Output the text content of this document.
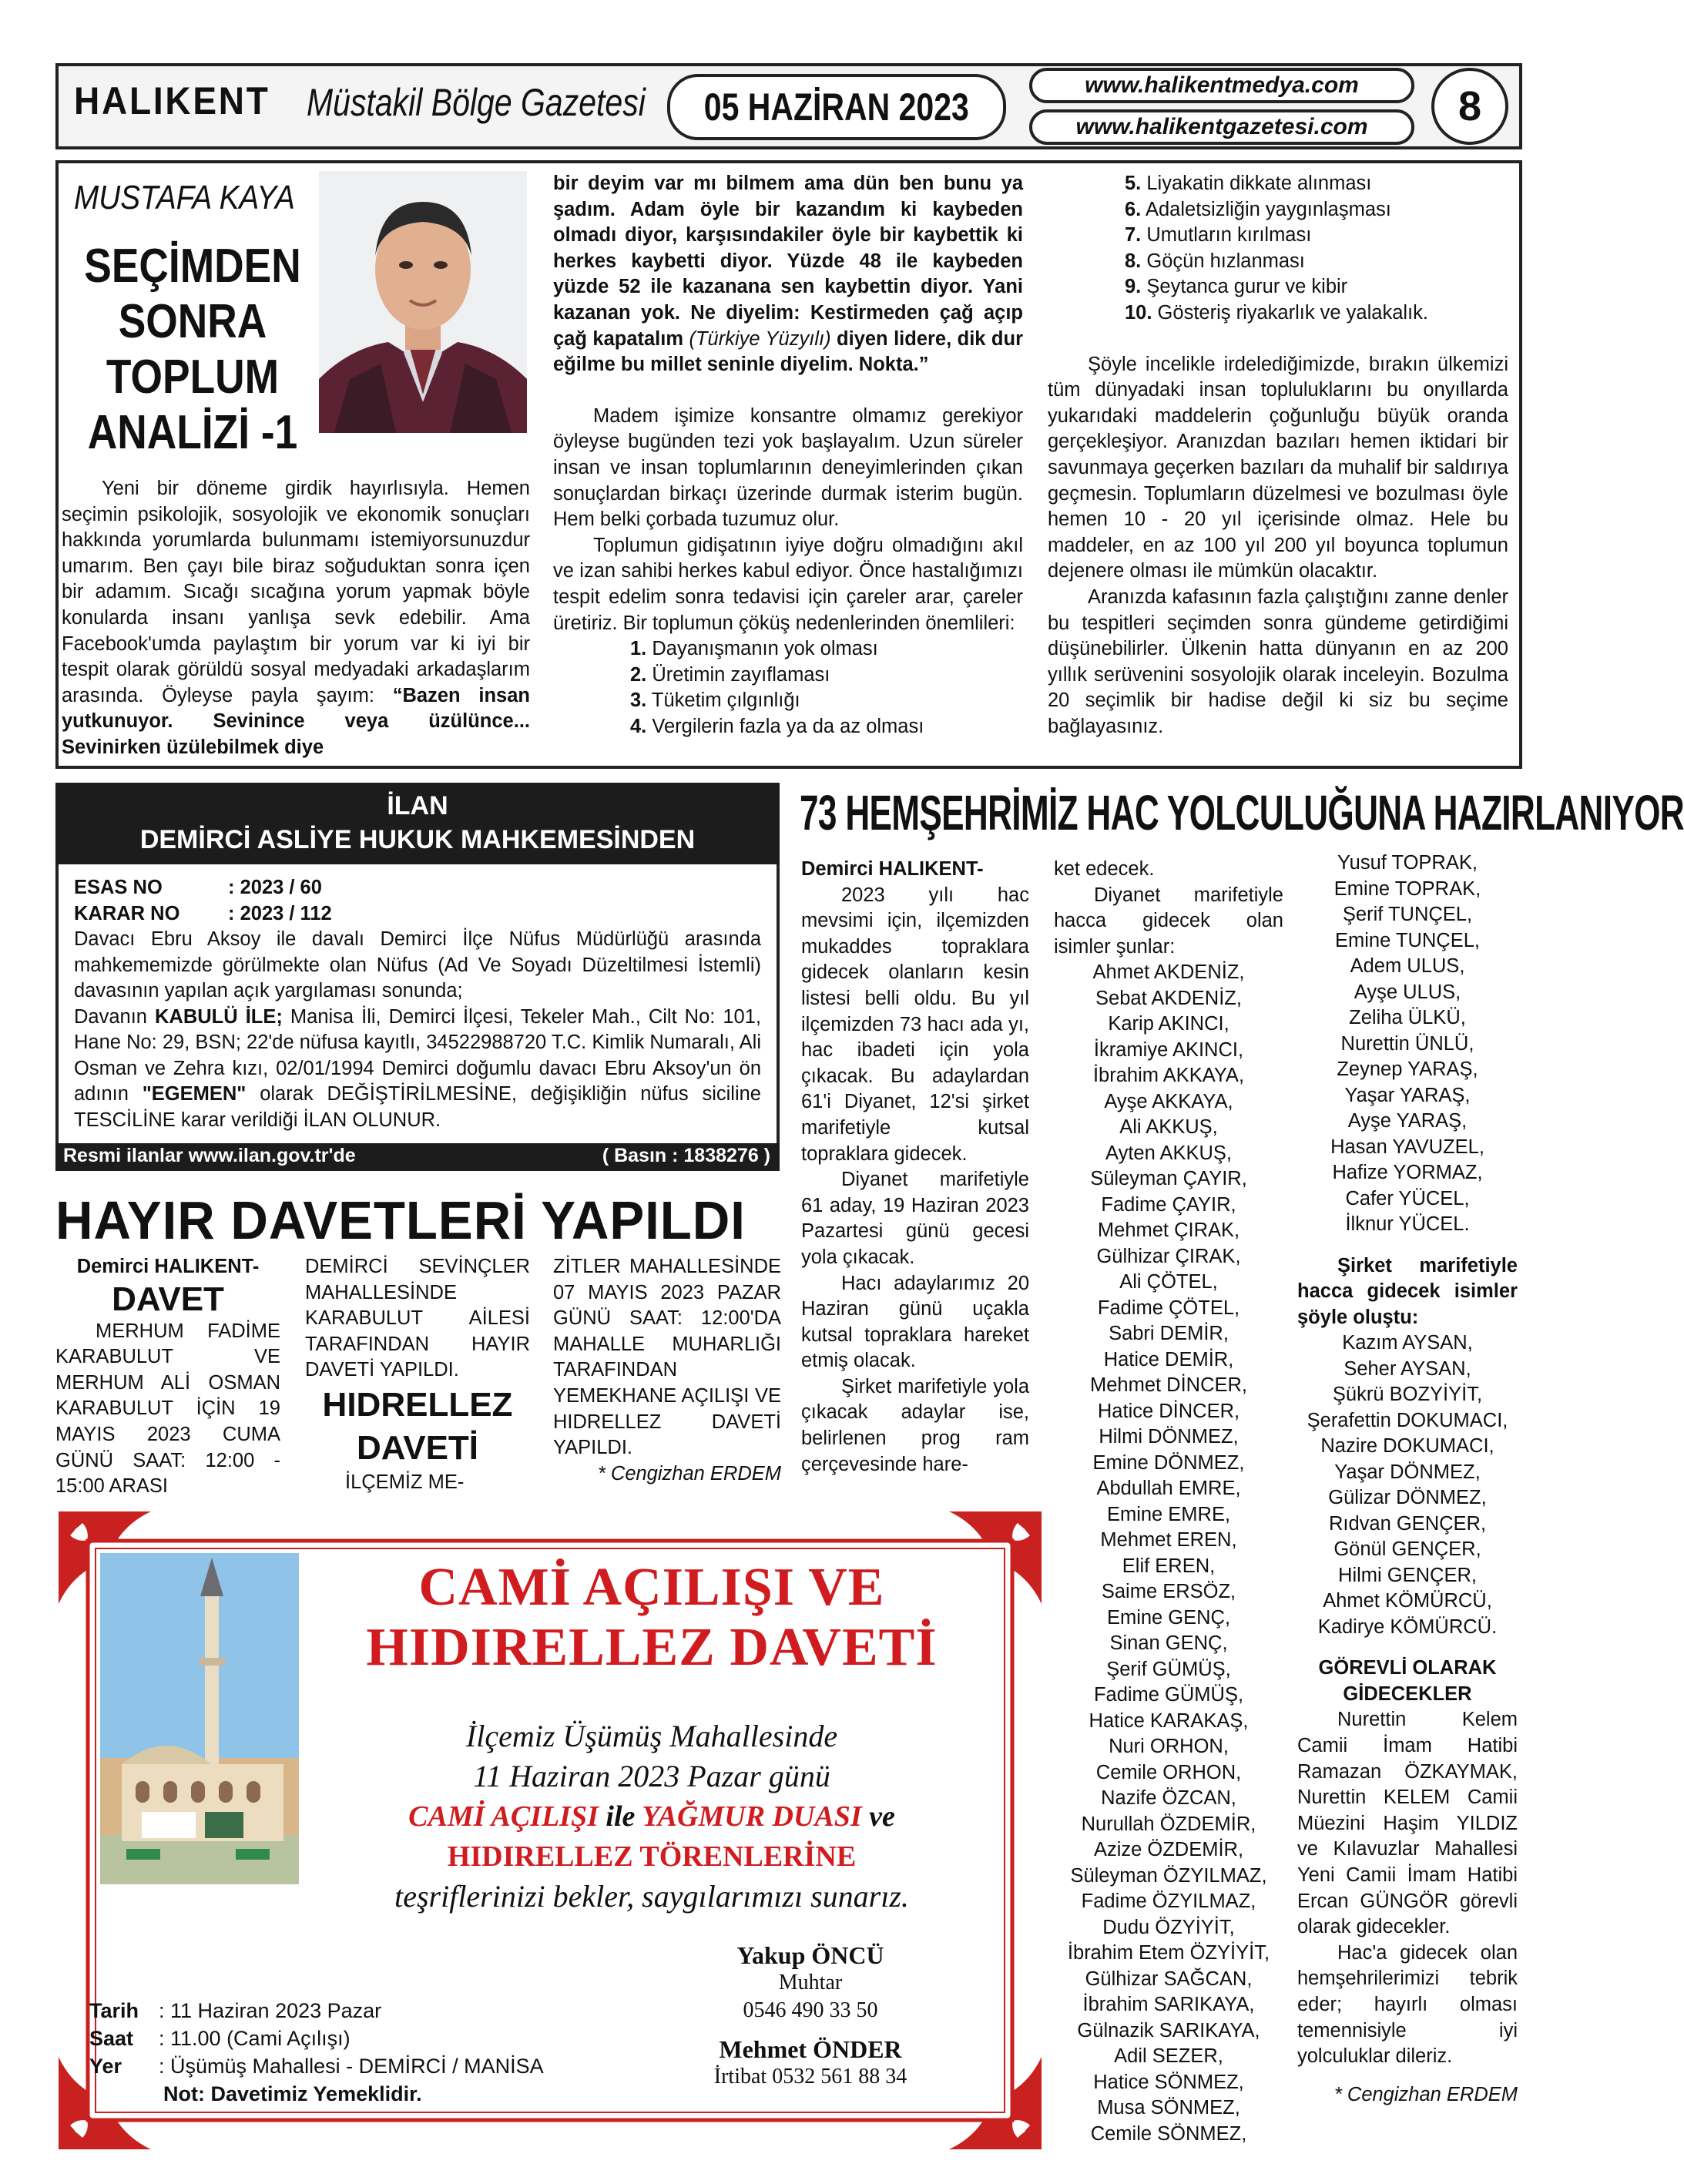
HALIKENT Müstakil Bölge Gazetesi 05 HAZİRAN 2023
www.halikentmedya.com
www.halikentgazetesi.com	8
MUSTAFA KAYA
SEÇİMDEN
SONRA
TOPLUM
ANALİZİ -1

Yeni bir döneme girdik hayırlısıyla. Hemen seçimin psikolojik, sosyolojik ve ekonomik sonuçları hakkında yorumlarda bulunmamı istemiyorsunuzdur umarım. Ben çayı bile biraz soğuduktan sonra içen bir adamım. Sıcağı sıcağına yorum yapmak böyle konularda insanı yanlışa sevk edebilir. Ama Facebook'umda paylaştım bir yorum var ki iyi bir tespit olarak görüldü sosyal medyadaki arkadaşlarım arasında. Öyleyse payla şayım: “Bazen insan yutkunuyor. Sevinince veya üzülünce... Sevinirken üzülebilmek diye

bir deyim var mı bilmem ama dün ben bunu ya şadım. Adam öyle bir kazandım ki kaybeden olmadı diyor, karşısındakiler öyle bir kaybettik ki herkes kaybetti diyor. Yüzde 48 ile kaybeden yüzde 52 ile kazanana sen kaybettin diyor. Yani kazanan yok. Ne diyelim: Kestirmeden çağ açıp çağ kapatalım (Türkiye Yüzyılı) diyen lidere, dik dur eğilme bu millet seninle diyelim. Nokta.”

Madem işimize konsantre olmamız gerekiyor öyleyse bugünden tezi yok başlayalım. Uzun süreler insan ve insan toplumlarının deneyimlerinden çıkan sonuçlardan birkaçı üzerinde durmak isterim bugün. Hem belki çorbada tuzumuz olur.

Toplumun gidişatının iyiye doğru olmadığını akıl ve izan sahibi herkes kabul ediyor. Önce hastalığımızı tespit edelim sonra tedavisi için çareler arar, çareler üretiriz. Bir toplumun çöküş nedenlerinden önemlileri:

1. Dayanışmanın yok olması
2. Üretimin zayıflaması
3. Tüketim çılgınlığı
4. Vergilerin fazla ya da az olması
5. Liyakatin dikkate alınması
6. Adaletsizliğin yaygınlaşması
7. Umutların kırılması
8. Göçün hızlanması
9. Şeytanca gurur ve kibir
10. Gösteriş riyakarlık ve yalakalık.

Şöyle incelikle irdelediğimizde, bırakın ülkemizi tüm dünyadaki insan topluluklarını bu onyıllarda yukarıdaki maddelerin çoğunluğu büyük oranda gerçekleşiyor. Aranızdan bazıları hemen iktidari bir savunmaya geçerken bazıları da muhalif bir saldırıya geçmesin. Toplumların düzelmesi ve bozulması öyle hemen 10 - 20 yıl içerisinde olmaz. Hele bu maddeler, en az 100 yıl 200 yıl boyunca toplumun dejenere olması ile mümkün olacaktır.

Aranızda kafasının fazla çalıştığını zanne denler bu tespitleri seçimden sonra gündeme getirdiğimi düşünebilirler. Ülkenin hatta dünyanın en az 200 yıllık serüvenini sosyolojik olarak inceleyin. Bozulma 20 seçimlik bir hadise değil ki siz bu seçime bağlayasınız.

İLAN
DEMİRCİ ASLİYE HUKUK MAHKEMESİNDEN
ESAS NO	: 2023 / 60
KARAR NO : 2023 / 112

Davacı Ebru Aksoy ile davalı Demirci İlçe Nüfus Müdürlüğü arasında mahkememizde görülmekte olan Nüfus (Ad Ve Soyadı Düzeltilmesi İstemli) davasının yapılan açık yargılaması sonunda;

Davanın KABULÜ İLE; Manisa İli, Demirci İlçesi, Tekeler Mah., Cilt No: 101, Hane No: 29, BSN; 22'de nüfusa kayıtlı, 34522988720 T.C. Kimlik Numaralı, Ali Osman ve Zehra kızı, 02/01/1994 Demirci doğumlu davacı Ebru Aksoy'un ön adının "EGEMEN" olarak DEĞİŞTİRİLMESİNE, değişikliğin nüfus siciline TESCİLİNE karar verildiği İLAN OLUNUR.

Resmi ilanlar www.ilan.gov.tr'de	( Basın : 1838276 )
HAYIR DAVETLERİ YAPILDI
Demirci HALIKENT-
DAVET

MERHUM FADİME KARABULUT VE MERHUM ALİ OSMAN KARABULUT İÇİN 19 MAYIS 2023 CUMA GÜNÜ SAAT: 12:00 - 15:00 ARASI

DEMİRCİ SEVİNÇLER MAHALLESİNDE KARABULUT AİLESİ TARAFINDAN HAYIR DAVETİ YAPILDI.

HIDRELLEZ DAVETİ

İLÇEMİZ ME-

ZİTLER MAHALLESİNDE 07 MAYIS 2023 PAZAR GÜNÜ SAAT: 12:00'DA MAHALLE MUHARLIĞI TARAFINDAN YEMEKHANE AÇILIŞI VE HIDRELLEZ DAVETİ YAPILDI.

* Cengizhan ERDEM

73 HEMŞEHRİMİZ HAC YOLCULUĞUNA HAZIRLANIYOR
Demirci HALIKENT-

2023 yılı hac mevsimi için, ilçemizden mukaddes topraklara gidecek olanların kesin listesi belli oldu. Bu yıl ilçemizden 73 hacı ada yı, hac ibadeti için yola çıkacak. Bu adaylardan 61'i Diyanet, 12'si şirket marifetiyle kutsal topraklara gidecek.

Diyanet marifetiyle 61 aday, 19 Haziran 2023 Pazartesi günü gecesi yola çıkacak.

Hacı adaylarımız 20 Haziran günü uçakla kutsal topraklara hareket etmiş olacak.

Şirket marifetiyle yola çıkacak adaylar ise, belirlenen prog ram çerçevesinde hare-

ket edecek.

Diyanet marifetiyle hacca gidecek olan isimler şunlar:

Ahmet AKDENİZ,
Sebat AKDENİZ,
Karip AKINCI,
İkramiye AKINCI,
İbrahim AKKAYA,
Ayşe AKKAYA,
Ali AKKUŞ,
Ayten AKKUŞ,
Süleyman ÇAYIR,
Fadime ÇAYIR,
Mehmet ÇIRAK,
Gülhizar ÇIRAK,
Ali ÇÖTEL,
Fadime ÇÖTEL,
Sabri DEMİR,
Hatice DEMİR,
Mehmet DİNCER,
Hatice DİNCER,
Hilmi DÖNMEZ,
Emine DÖNMEZ,
Abdullah EMRE,
Emine EMRE,
Mehmet EREN,
Elif EREN,
Saime ERSÖZ,
Emine GENÇ,
Sinan GENÇ,
Şerif GÜMÜŞ,
Fadime GÜMÜŞ,
Hatice KARAKAŞ,
Nuri ORHON,
Cemile ORHON,
Nazife ÖZCAN,
Nurullah ÖZDEMİR,
Azize ÖZDEMİR,
Süleyman ÖZYILMAZ,
Fadime ÖZYILMAZ,
Dudu ÖZYİYİT,
İbrahim Etem ÖZYİYİT,
Gülhizar SAĞCAN,
İbrahim SARIKAYA,
Gülnazik SARIKAYA,
Adil SEZER,
Hatice SÖNMEZ,
Musa SÖNMEZ,
Cemile SÖNMEZ,
Yusuf TOPRAK,
Emine TOPRAK,
Şerif TUNÇEL,
Emine TUNÇEL,
Adem ULUS,
Ayşe ULUS,
Zeliha ÜLKÜ,
Nurettin ÜNLÜ,
Zeynep YARAŞ,
Yaşar YARAŞ,
Ayşe YARAŞ,
Hasan YAVUZEL,
Hafize YORMAZ,
Cafer YÜCEL,
İlknur YÜCEL.

Şirket marifetiyle hacca gidecek isimler şöyle oluştu:

Kazım AYSAN,
Seher AYSAN,
Şükrü BOZYİYİT,
Şerafettin DOKUMACI,
Nazire DOKUMACI,
Yaşar DÖNMEZ,
Gülizar DÖNMEZ,
Rıdvan GENÇER,
Gönül GENÇER,
Hilmi GENÇER,
Ahmet KÖMÜRCÜ,
Kadirye KÖMÜRCÜ.

GÖREVLİ OLARAK GİDECEKLER

Nurettin Kelem Camii İmam Hatibi Ramazan ÖZKAYMAK, Nurettin KELEM Camii Müezini Haşim YILDIZ ve Kılavuzlar Mahallesi Yeni Camii İmam Hatibi Ercan GÜNGÖR görevli olarak gidecekler.

Hac'a gidecek olan hemşehrilerimizi tebrik eder; hayırlı olması temennisiyle iyi yolculuklar dileriz.

* Cengizhan ERDEM

CAMİ AÇILIŞI VE
HIDIRELLEZ DAVETİ
İlçemiz Üşümüş Mahallesinde
11 Haziran 2023 Pazar günü
CAMİ AÇILIŞI ile YAĞMUR DUASI ve
HIDIRELLEZ TÖRENLERİNE
teşriflerinizi bekler, saygılarımızı sunarız.
Yakup ÖNCÜ
Muhtar
0546 490 33 50
Mehmet ÖNDER
İrtibat 0532 561 88 34
Tarih : 11 Haziran 2023 Pazar
Saat : 11.00 (Cami Açılışı)
Yer : Üşümüş Mahallesi - DEMİRCİ / MANİSA
Not: Davetimiz Yemeklidir.
